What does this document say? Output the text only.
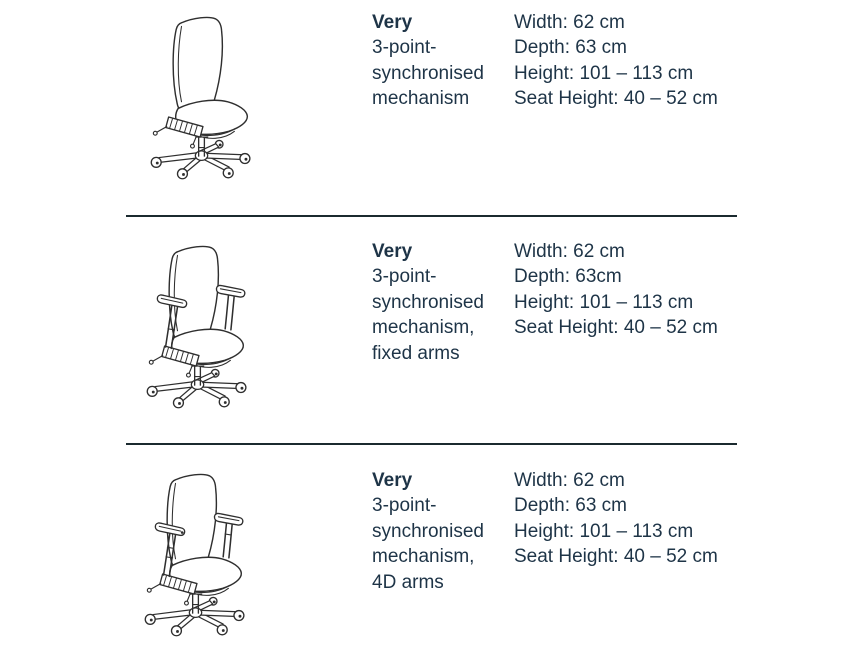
Very
3-point-
synchronised
mechanism
Width: 62 cm
Depth: 63 cm
Height: 101 – 113 cm
Seat Height: 40 – 52 cm
Very
3-point-
synchronised
mechanism,
fixed arms
Width: 62 cm
Depth: 63cm
Height: 101 – 113 cm
Seat Height: 40 – 52 cm
Very
3-point-
synchronised
mechanism,
4D arms
Width: 62 cm
Depth: 63 cm
Height: 101 – 113 cm
Seat Height: 40 – 52 cm
